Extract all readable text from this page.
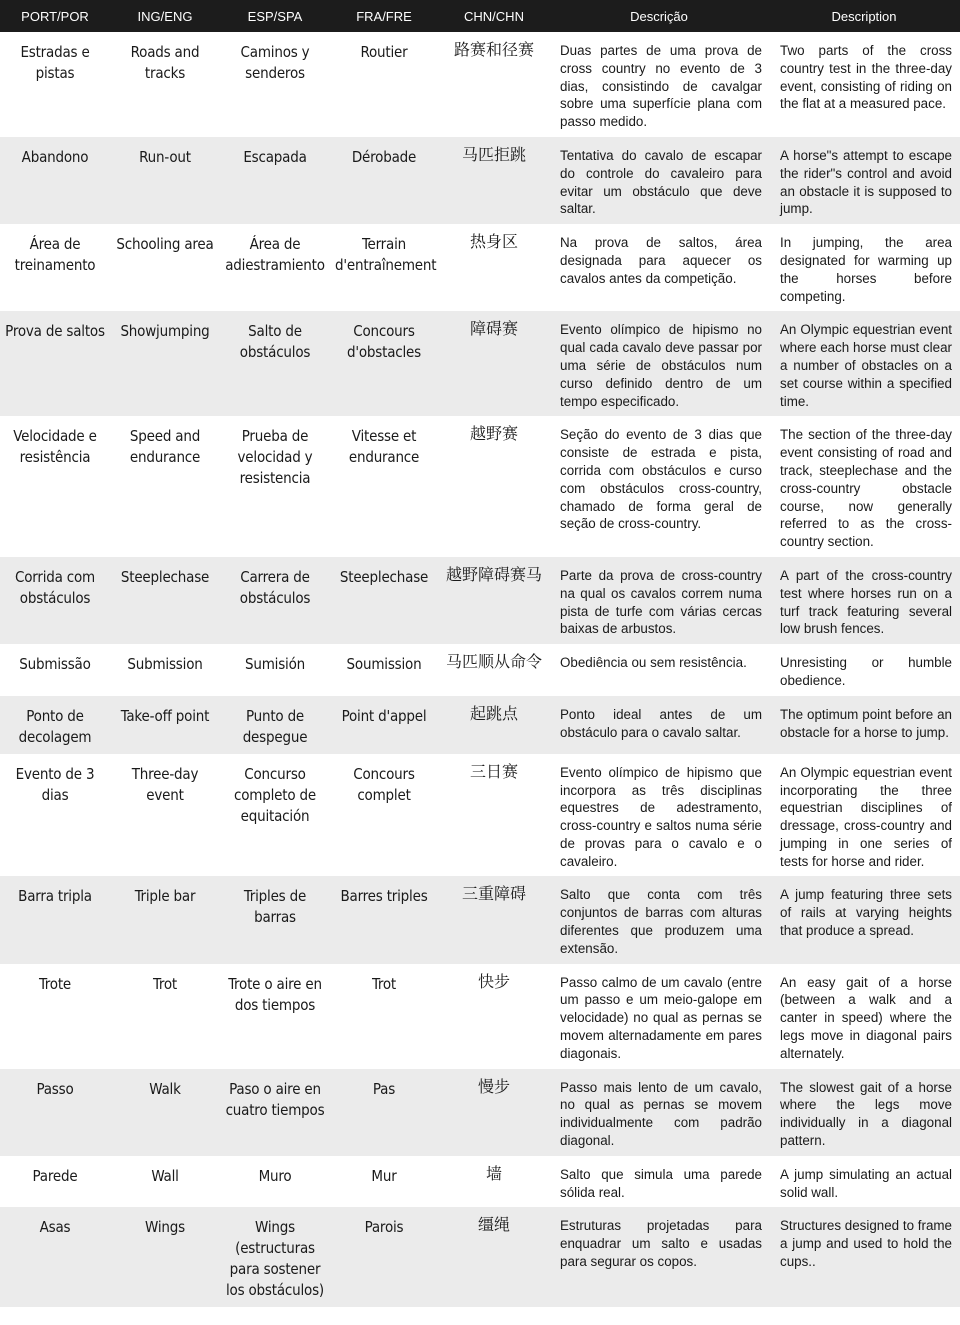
PORT/POR	ING/ENG	ESP/SPA	FRA/FRE	CHN/CHN	Descrição	Description
Estradas e pistas	Roads and tracks	Caminos y senderos	Routier	路赛和径赛	Duas partes de uma prova de cross country no evento de 3 dias, consistindo de cavalgar sobre uma superfície plana com passo medido.	Two parts of the cross country test in the three-day event, consisting of riding on the flat at a measured pace.
Abandono	Run-out	Escapada	Dérobade	马匹拒跳	Tentativa do cavalo de escapar do controle do cavaleiro para evitar um obstáculo que deve saltar.	A horse"s attempt to escape the rider"s control and avoid an obstacle it is supposed to jump.
Área de treinamento	Schooling area	Área de adiestramiento	Terrain d'entraînement	热身区	Na prova de saltos, área designada para aquecer os cavalos antes da competição.	In jumping, the area designated for warming up the horses before competing.
Prova de saltos	Showjumping	Salto de obstáculos	Concours d'obstacles	障碍赛	Evento olímpico de hipismo no qual cada cavalo deve passar por uma série de obstáculos num curso definido dentro de um tempo especificado.	An Olympic equestrian event where each horse must clear a number of obstacles on a set course within a specified time.
Velocidade e resistência	Speed and endurance	Prueba de velocidad y resistencia	Vitesse et endurance	越野赛	Seção do evento de 3 dias que consiste de estrada e pista, corrida com obstáculos e curso com obstáculos cross-country, chamado de forma geral de seção de cross-country.	The section of the three-day event consisting of road and track, steeplechase and the cross-country obstacle course, now generally referred to as the cross-country section.
Corrida com obstáculos	Steeplechase	Carrera de obstáculos	Steeplechase	越野障碍赛马	Parte da prova de cross-country na qual os cavalos correm numa pista de turfe com várias cercas baixas de arbustos.	A part of the cross-country test where horses run on a turf track featuring several low brush fences.
Submissão	Submission	Sumisión	Soumission	马匹顺从命令	Obediência ou sem resistência.	Unresisting or humble obedience.
Ponto de decolagem	Take-off point	Punto de despegue	Point d'appel	起跳点	Ponto ideal antes de um obstáculo para o cavalo saltar.	The optimum point before an obstacle for a horse to jump.
Evento de 3 dias	Three-day event	Concurso completo de equitación	Concours complet	三日赛	Evento olímpico de hipismo que incorpora as três disciplinas equestres de adestramento, cross-country e saltos numa série de provas para o cavalo e o cavaleiro.	An Olympic equestrian event incorporating the three equestrian disciplines of dressage, cross-country and jumping in one series of tests for horse and rider.
Barra tripla	Triple bar	Triples de barras	Barres triples	三重障碍	Salto que conta com três conjuntos de barras com alturas diferentes que produzem uma extensão.	A jump featuring three sets of rails at varying heights that produce a spread.
Trote	Trot	Trote o aire en dos tiempos	Trot	快步	Passo calmo de um cavalo (entre um passo e um meio-galope em velocidade) no qual as pernas se movem alternadamente em pares diagonais.	An easy gait of a horse (between a walk and a canter in speed) where the legs move in diagonal pairs alternately.
Passo	Walk	Paso o aire en cuatro tiempos	Pas	慢步	Passo mais lento de um cavalo, no qual as pernas se movem individualmente com padrão diagonal.	The slowest gait of a horse where the legs move individually in a diagonal pattern.
Parede	Wall	Muro	Mur	墙	Salto que simula uma parede sólida real.	A jump simulating an actual solid wall.
Asas	Wings	Wings (estructuras para sostener los obstáculos)	Parois	缰绳	Estruturas projetadas para enquadrar um salto e usadas para segurar os copos.	Structures designed to frame a jump and used to hold the cups..
